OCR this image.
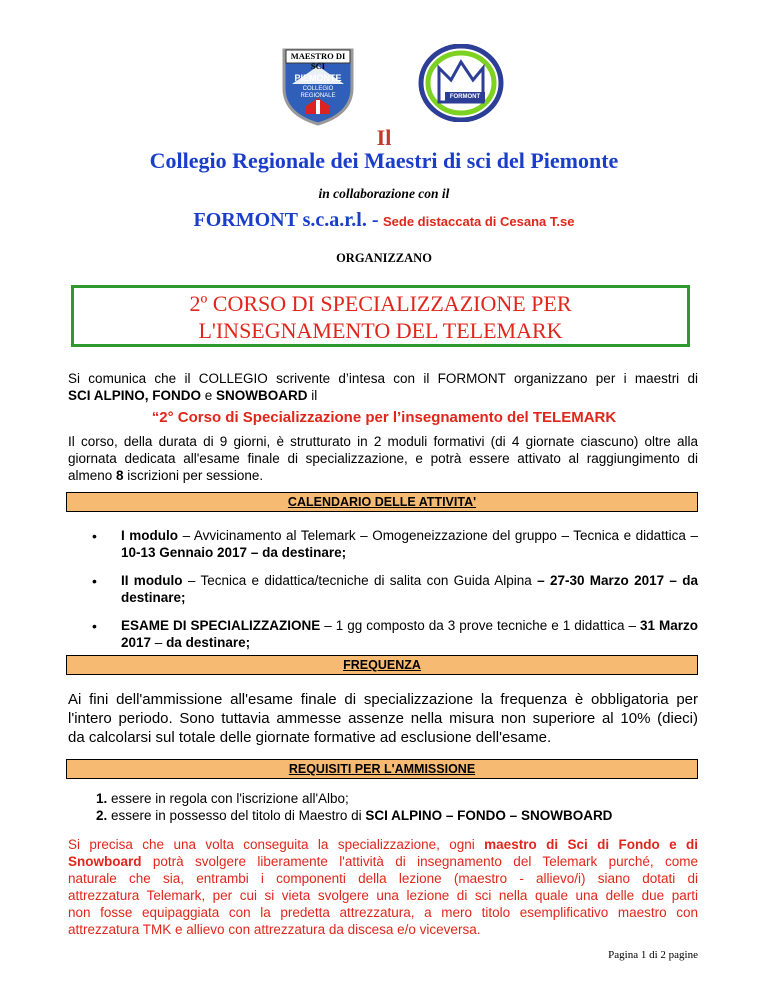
MAESTRO DI SCI
PIEMONTE
COLLEGIO
REGIONALE	FORMONT
Il
Collegio Regionale dei Maestri di sci del Piemonte
in collaborazione con il
FORMONT s.c.a.r.l. - Sede distaccata di Cesana T.se
ORGANIZZANO
2º CORSO DI SPECIALIZZAZIONE PER
L'INSEGNAMENTO DEL TELEMARK
Si comunica che il COLLEGIO scrivente d’intesa con il FORMONT organizzano per i maestri di
SCI ALPINO, FONDO e SNOWBOARD il
“2° Corso di Specializzazione per l’insegnamento del TELEMARK
Il corso, della durata di 9 giorni, è strutturato in 2 moduli formativi (di 4 giornate ciascuno) oltre alla
giornata dedicata all'esame finale di specializzazione, e potrà essere attivato al raggiungimento di
almeno 8 iscrizioni per sessione.
CALENDARIO DELLE ATTIVITA'
• I modulo – Avvicinamento al Telemark – Omogeneizzazione del gruppo – Tecnica e didattica – 10-13 Gennaio 2017 – da destinare;
• II modulo – Tecnica e didattica/tecniche di salita con Guida Alpina – 27-30 Marzo 2017 – da destinare;
• ESAME DI SPECIALIZZAZIONE – 1 gg composto da 3 prove tecniche e 1 didattica – 31 Marzo 2017 – da destinare;
FREQUENZA
Ai fini dell'ammissione all'esame finale di specializzazione la frequenza è obbligatoria per
l'intero periodo. Sono tuttavia ammesse assenze nella misura non superiore al 10% (dieci)
da calcolarsi sul totale delle giornate formative ad esclusione dell'esame.
REQUISITI PER L'AMMISSIONE
1. essere in regola con l'iscrizione all'Albo;
2. essere in possesso del titolo di Maestro di SCI ALPINO – FONDO – SNOWBOARD
Si precisa che una volta conseguita la specializzazione, ogni maestro di Sci di Fondo e di
Snowboard potrà svolgere liberamente l'attività di insegnamento del Telemark purché, come
naturale che sia, entrambi i componenti della lezione (maestro - allievo/i) siano dotati di
attrezzatura Telemark, per cui si vieta svolgere una lezione di sci nella quale una delle due parti
non fosse equipaggiata con la predetta attrezzatura, a mero titolo esemplificativo maestro con
attrezzatura TMK e allievo con attrezzatura da discesa e/o viceversa.
Pagina 1 di 2 pagine
